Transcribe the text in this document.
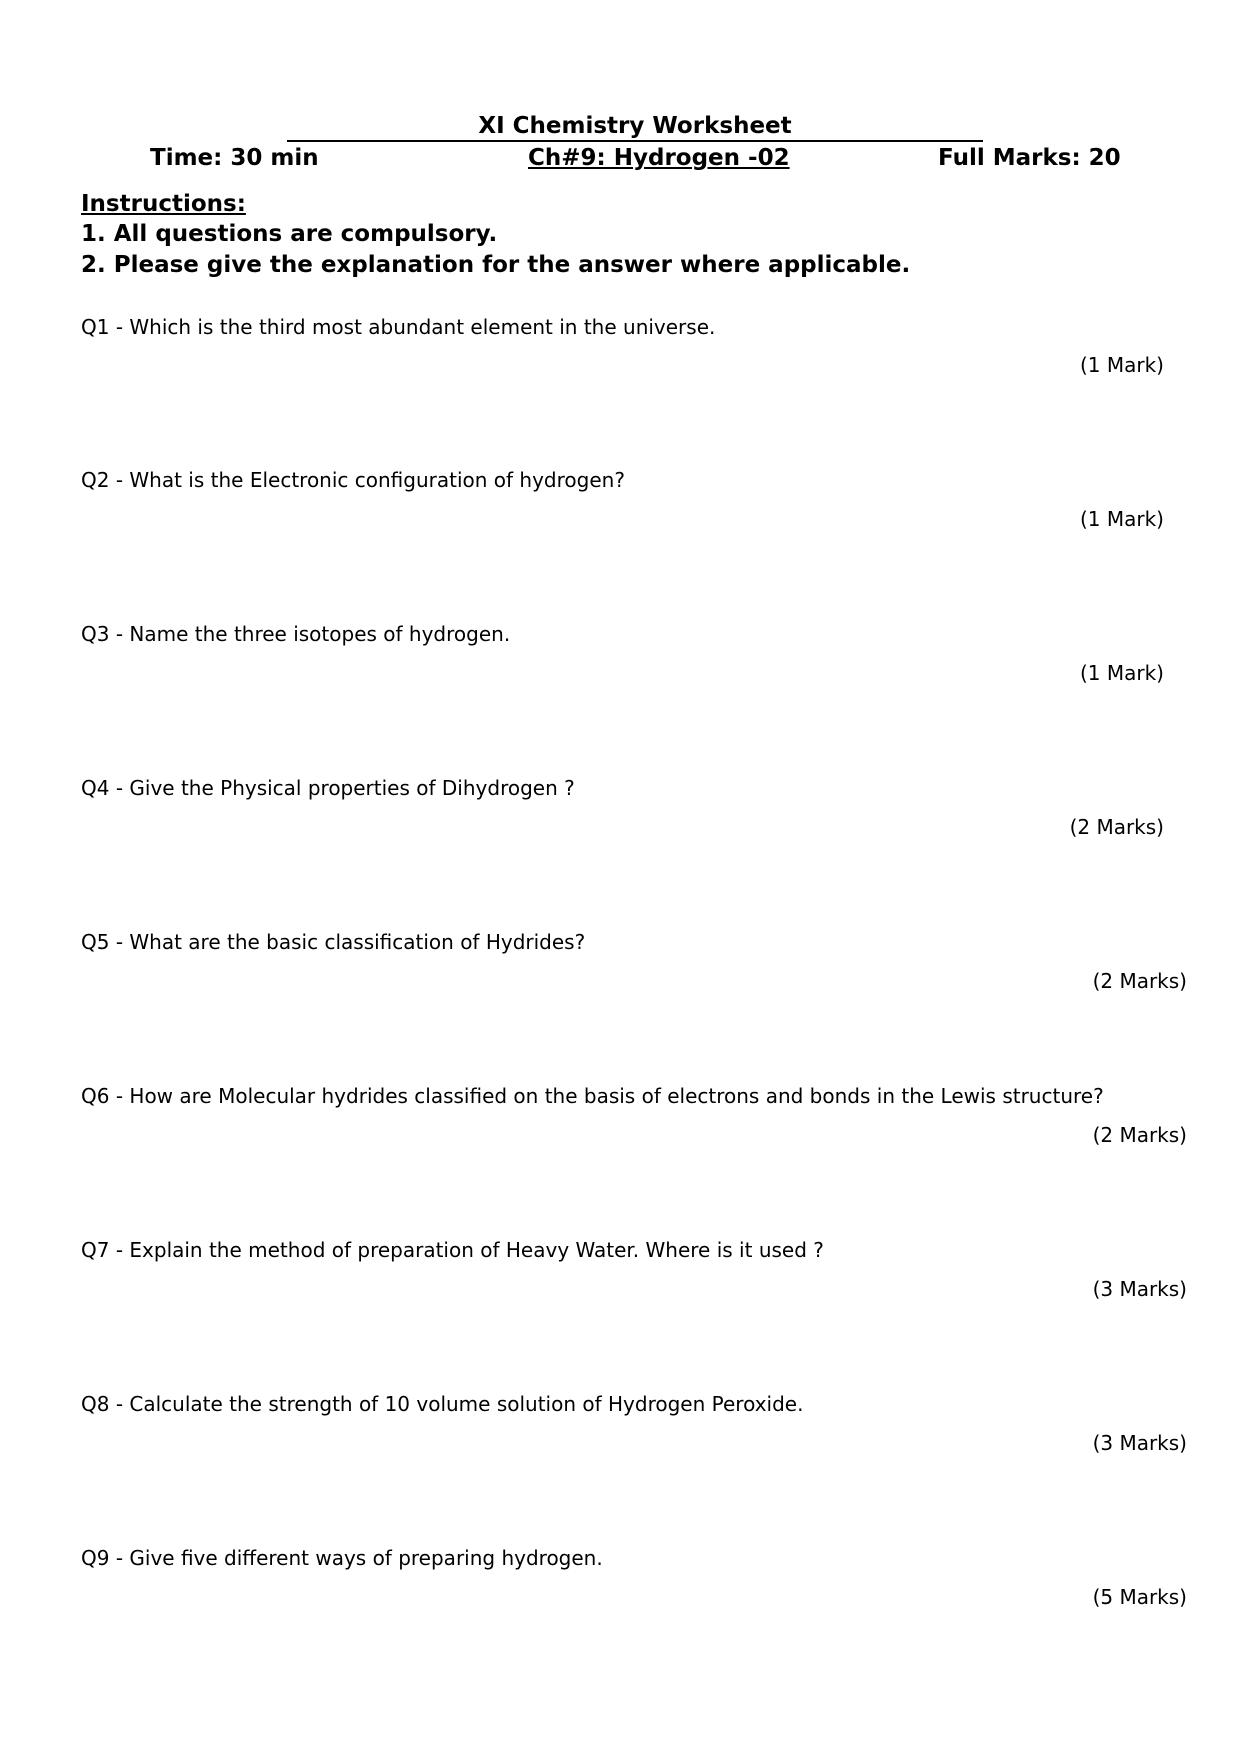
XI Chemistry Worksheet
Time: 30 min	Ch#9: Hydrogen -02	Full Marks: 20
Instructions:
1. All questions are compulsory.
2. Please give the explanation for the answer where applicable.
Q1 - Which is the third most abundant element in the universe.
(1 Mark)
Q2 - What is the Electronic configuration of hydrogen?
(1 Mark)
Q3 - Name the three isotopes of hydrogen.
(1 Mark)
Q4 - Give the Physical properties of Dihydrogen ?
(2 Marks)
Q5 - What are the basic classification of Hydrides?
(2 Marks)
Q6 - How are Molecular hydrides classified on the basis of electrons and bonds in the Lewis structure?
(2 Marks)
Q7 - Explain the method of preparation of Heavy Water. Where is it used ?
(3 Marks)
Q8 - Calculate the strength of 10 volume solution of Hydrogen Peroxide.
(3 Marks)
Q9 - Give five different ways of preparing hydrogen.
(5 Marks)
